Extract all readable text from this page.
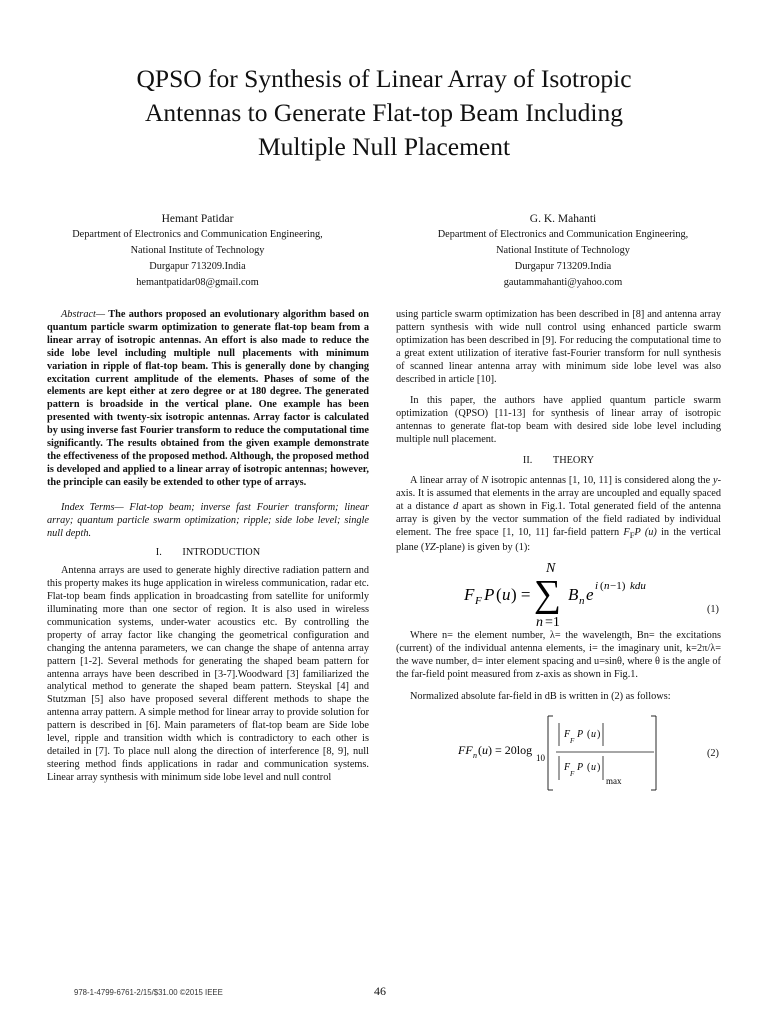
QPSO for Synthesis of Linear Array of Isotropic
Antennas to Generate Flat-top Beam Including
Multiple Null Placement
Hemant Patidar
Department of Electronics and Communication Engineering,
National Institute of Technology
Durgapur 713209.India
hemantpatidar08@gmail.com
G. K. Mahanti
Department of Electronics and Communication Engineering,
National Institute of Technology
Durgapur 713209.India
gautammahanti@yahoo.com

Abstract— The authors proposed an evolutionary algorithm based on quantum particle swarm optimization to generate flat-top beam from a linear array of isotropic antennas. An effort is also made to reduce the side lobe level including multiple null placements with minimum variation in ripple of flat-top beam. This is generally done by changing excitation current amplitude of the elements. Phases of some of the elements are kept either at zero degree or at 180 degree. The generated pattern is broadside in the vertical plane. One example has been presented with twenty-six isotropic antennas. Array factor is calculated by using inverse fast Fourier transform to reduce the computational time significantly. The results obtained from the given example demonstrate the effectiveness of the proposed method. Although, the proposed method is developed and applied to a linear array of isotropic antennas; however, the principle can easily be extended to other type of arrays.

Index Terms— Flat-top beam; inverse fast Fourier transform; linear array; quantum particle swarm optimization; ripple; side lobe level; single null depth.

I.        INTRODUCTION

Antenna arrays are used to generate highly directive radiation pattern and this property makes its huge application in wireless communication, radar etc. Flat-top beam finds application in broadcasting from satellite for uniformly illuminating more than one sector of region. It is also used in wireless communication systems, under-water acoustics etc. By controlling the property of array factor like changing the geometrical configuration and changing the antenna parameters, we can change the shape of antenna array pattern [1-2]. Several methods for generating the shaped beam pattern for antenna arrays have been described in [3-7].Woodward [3] familiarized the analytical method to generate the shaped beam pattern. Steyskal [4] and Stutzman [5] also have proposed several different methods to shape the antenna array pattern. A simple method for linear array to provide solution for pattern is described in [6]. Main parameters of flat-top beam are Side lobe level, ripple and transition width which is contradictory to each other is detailed in [7]. To place null along the direction of interference [8, 9], null steering method finds applications in radar and communication systems. Linear array synthesis with minimum side lobe level and null control

using particle swarm optimization has been described in [8] and antenna array pattern synthesis with wide null control using enhanced particle swarm optimization has been described in [9]. For reducing the computational time to a great extent utilization of iterative fast-Fourier transform for null synthesis of scanned linear antenna array with minimum side lobe level was also described in article [10].

In this paper, the authors have applied quantum particle swarm optimization (QPSO) [11-13] for synthesis of linear array of isotropic antennas to generate flat-top beam with desired side lobe level including multiple null placement.

II.        THEORY

A linear array of N isotropic antennas [1, 10, 11] is considered along the y-axis. It is assumed that elements in the array are uncoupled and equally spaced at a distance d apart as shown in Fig.1. Total generated field of the antenna array is given by the vector summation of the field radiated by individual element. The free space [1, 10, 11] far-field pattern $F_FP$ (u) in the vertical plane (YZ-plane) is given by (1):

F F P ( u ) =
N
∑
n =1
B n e i ( n −1) kdu
(1)

Where n= the element number, λ= the wavelength, Bn= the excitations (current) of the individual antenna elements, i= the imaginary unit, k=2π/λ= the wave number, d= inter element spacing and u=sinθ, where θ is the angle of the far-field point measured from z-axis as shown in Fig.1.

Normalized absolute far-field in dB is written in (2) as follows:

FF n ( u ) = 20log
10
F
F
P ( u )
F
F
P ( u )
max
(2)
978-1-4799-6761-2/15/$31.00 ©2015 IEEE	46
